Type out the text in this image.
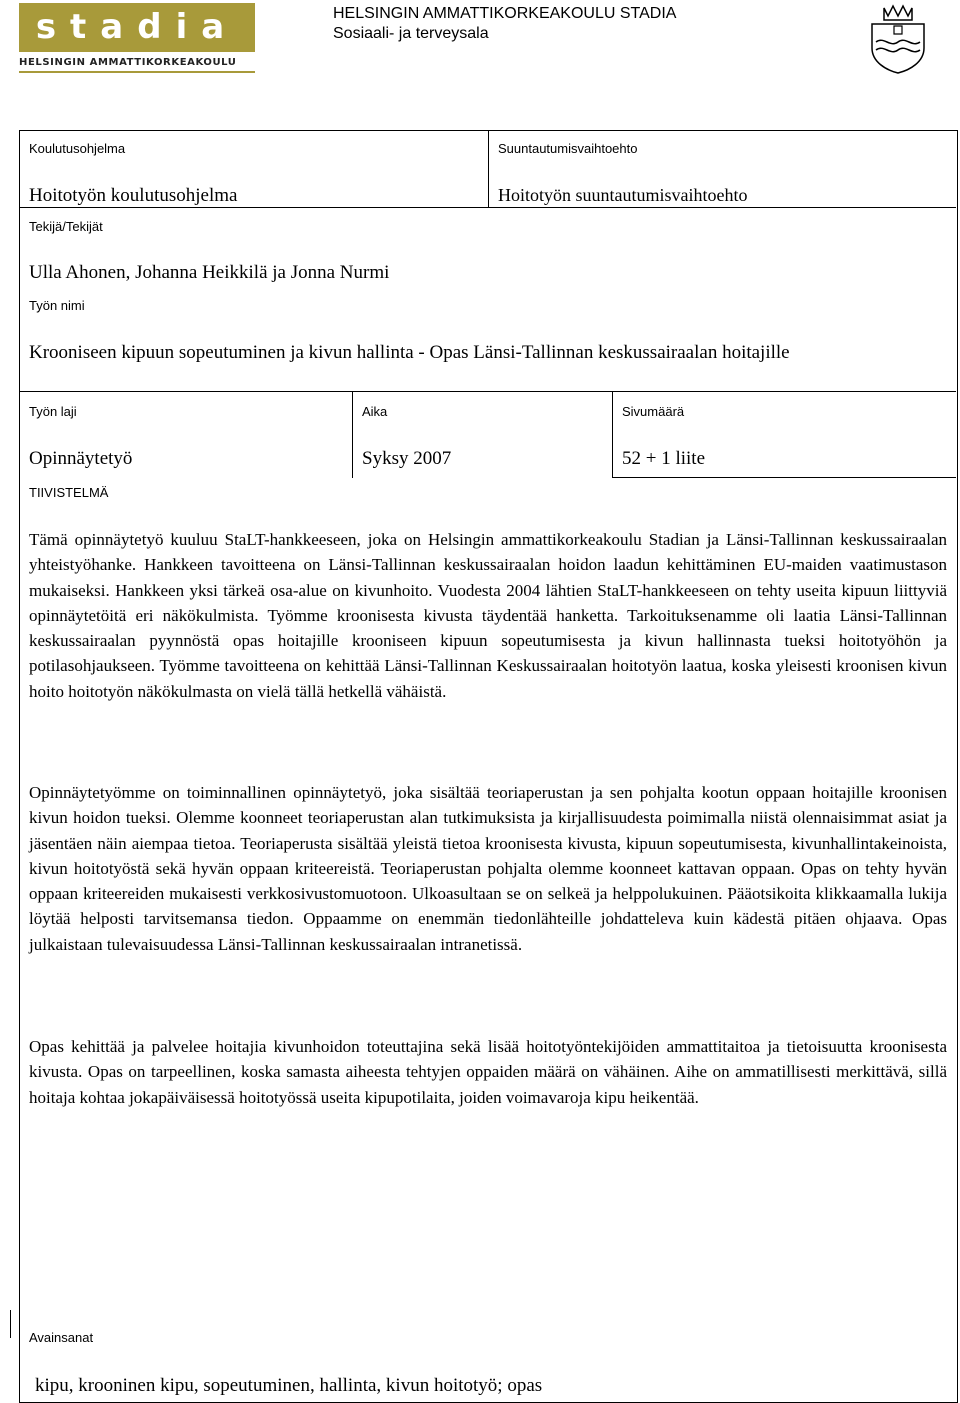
stadia
HELSINGIN AMMATTIKORKEAKOULU
HELSINGIN AMMATTIKORKEAKOULU STADIA
Sosiaali- ja terveysala
Koulutusohjelma
Hoitotyön koulutusohjelma
Suuntautumisvaihtoehto
Hoitotyön suuntautumisvaihtoehto
Tekijä/Tekijät
Ulla Ahonen, Johanna Heikkilä ja Jonna Nurmi
Työn nimi
Krooniseen kipuun sopeutuminen ja kivun hallinta - Opas Länsi-Tallinnan keskussairaalan hoitajille
Työn laji
Opinnäytetyö
Aika
Syksy 2007
Sivumäärä
52 + 1 liite
TIIVISTELMÄ

Tämä opinnäytetyö kuuluu StaLT-hankkeeseen, joka on Helsingin ammattikorkeakoulu Stadian ja Länsi-Tallinnan keskussairaalan yhteistyöhanke. Hankkeen tavoitteena on Länsi-Tallinnan keskussairaalan hoidon laadun kehittäminen EU-maiden vaatimustason mukaiseksi. Hankkeen yksi tärkeä osa-alue on kivunhoito. Vuodesta 2004 lähtien StaLT-hankkeeseen on tehty useita kipuun liittyviä opinnäytetöitä eri näkökulmista. Työmme kroonisesta kivusta täydentää hanketta. Tarkoituksenamme oli laatia Länsi-Tallinnan keskussairaalan pyynnöstä opas hoitajille krooniseen kipuun sopeutumisesta ja kivun hallinnasta tueksi hoitotyöhön ja potilasohjaukseen. Työmme tavoitteena on kehittää Länsi-Tallinnan Keskussairaalan hoitotyön laatua, koska yleisesti kroonisen kivun hoito hoitotyön näkökulmasta on vielä tällä hetkellä vähäistä.

Opinnäytetyömme on toiminnallinen opinnäytetyö, joka sisältää teoriaperustan ja sen pohjalta kootun oppaan hoitajille kroonisen kivun hoidon tueksi. Olemme koonneet teoriaperustan alan tutkimuksista ja kirjallisuudesta poimimalla niistä olennaisimmat asiat ja jäsentäen näin aiempaa tietoa. Teoriaperusta sisältää yleistä tietoa kroonisesta kivusta, kipuun sopeutumisesta, kivunhallintakeinoista, kivun hoitotyöstä sekä hyvän oppaan kriteereistä. Teoriaperustan pohjalta olemme koonneet kattavan oppaan. Opas on tehty hyvän oppaan kriteereiden mukaisesti verkkosivustomuotoon. Ulkoasultaan se on selkeä ja helppolukuinen. Pääotsikoita klikkaamalla lukija löytää helposti tarvitsemansa tiedon. Oppaamme on enemmän tiedonlähteille johdatteleva kuin kädestä pitäen ohjaava. Opas julkaistaan tulevaisuudessa Länsi-Tallinnan keskussairaalan intranetissä.

Opas kehittää ja palvelee hoitajia kivunhoidon toteuttajina sekä lisää hoitotyöntekijöiden ammattitaitoa ja tietoisuutta kroonisesta kivusta. Opas on tarpeellinen, koska samasta aiheesta tehtyjen oppaiden määrä on vähäinen. Aihe on ammatillisesti merkittävä, sillä hoitaja kohtaa jokapäiväisessä hoitotyössä useita kipupotilaita, joiden voimavaroja kipu heikentää.

Avainsanat
kipu, krooninen kipu, sopeutuminen, hallinta, kivun hoitotyö; opas
